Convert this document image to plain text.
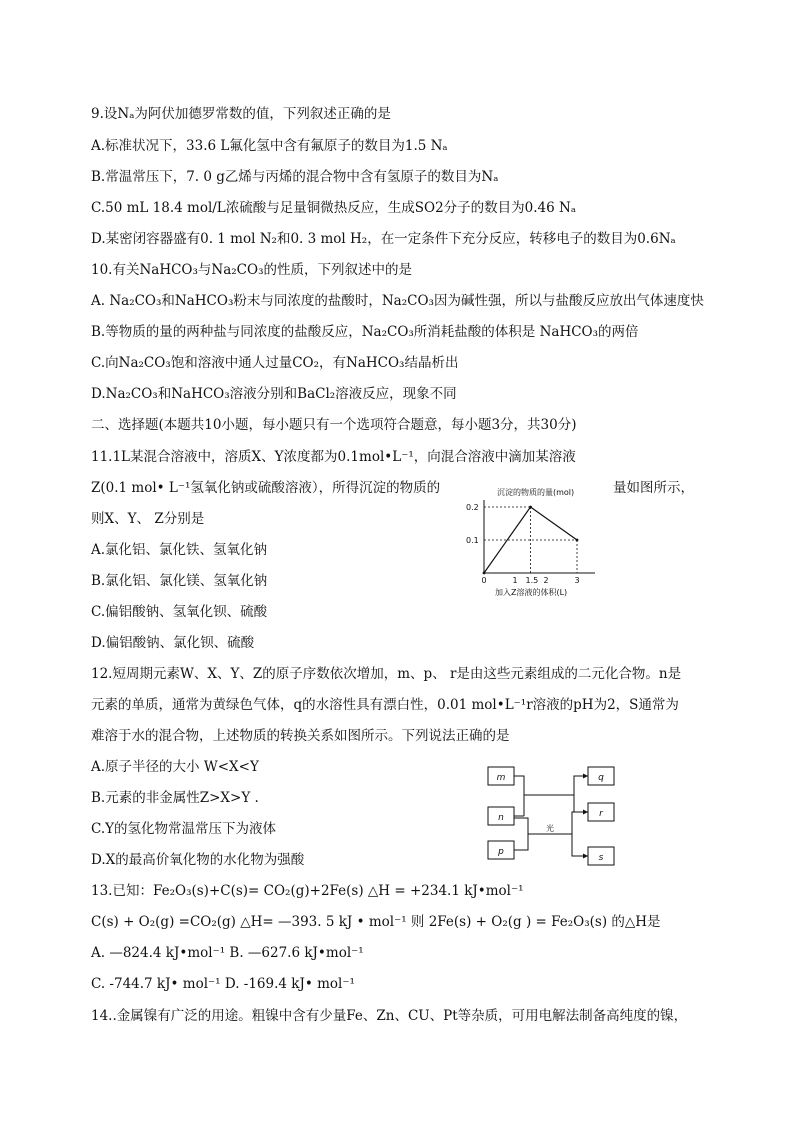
9.设Nₐ为阿伏加德罗常数的值，下列叙述正确的是
A.标准状况下，33.6 L氟化氢中含有氟原子的数目为1.5 Nₐ
B.常温常压下，7. 0 g乙烯与丙烯的混合物中含有氢原子的数目为Nₐ
C.50 mL 18.4 mol/L浓硫酸与足量铜微热反应，生成SO2分子的数目为0.46 Nₐ
D.某密闭容器盛有0. 1 mol N₂和0. 3 mol H₂，在一定条件下充分反应，转移电子的数目为0.6Nₐ
10.有关NaHCO₃与Na₂CO₃的性质，下列叙述中的是
A. Na₂CO₃和NaHCO₃粉末与同浓度的盐酸时，Na₂CO₃因为碱性强，所以与盐酸反应放出气体速度快
B.等物质的量的两种盐与同浓度的盐酸反应，Na₂CO₃所消耗盐酸的体积是 NaHCO₃的两倍
C.向Na₂CO₃饱和溶液中通人过量CO₂，有NaHCO₃结晶析出
D.Na₂CO₃和NaHCO₃溶液分别和BaCl₂溶液反应，现象不同
二、选择题(本题共10小题，每小题只有一个选项符合题意，每小题3分，共30分)
11.1L某混合溶液中，溶质X、Y浓度都为0.1mol•L⁻¹，向混合溶液中滴加某溶液
Z(0.1 mol• L⁻¹氢氧化钠或硫酸溶液），所得沉淀的物质的	量如图所示，
则X、Y、 Z分别是
A.氯化铝、氯化铁、氢氧化钠
B.氯化铝、氯化镁、氢氧化钠
C.偏铝酸钠、氢氧化钡、硫酸
D.偏铝酸钠、氯化钡、硫酸
沉淀的物质的量(mol)
加入Z溶液的体积(L)
0	1 1.5 2	3
0.1
0.2
12.短周期元素W、X、Y、Z的原子序数依次增加，m、p、 r是由这些元素组成的二元化合物。n是
元素的单质，通常为黄绿色气体，q的水溶性具有漂白性，0.01 mol•L⁻¹r溶液的pH为2，S通常为
难溶于水的混合物，上述物质的转换关系如图所示。下列说法正确的是
A.原子半径的大小 W<X<Y
B.元素的非金属性Z>X>Y .
C.Y的氢化物常温常压下为液体
D.X的最高价氧化物的水化物为强酸
m
n
p
q
r
s
光
13.已知：Fe₂O₃(s)+C(s)= CO₂(g)+2Fe(s) △H = +234.1 kJ•mol⁻¹
C(s) + O₂(g) =CO₂(g) △H= —393. 5 kJ • mol⁻¹ 则 2Fe(s) + O₂(g ) = Fe₂O₃(s) 的△H是
A. —824.4 kJ•mol⁻¹ B. —627.6 kJ•mol⁻¹
C. -744.7 kJ• mol⁻¹ D. -169.4 kJ• mol⁻¹
14..金属镍有广泛的用途。粗镍中含有少量Fe、Zn、CU、Pt等杂质，可用电解法制备高纯度的镍，
